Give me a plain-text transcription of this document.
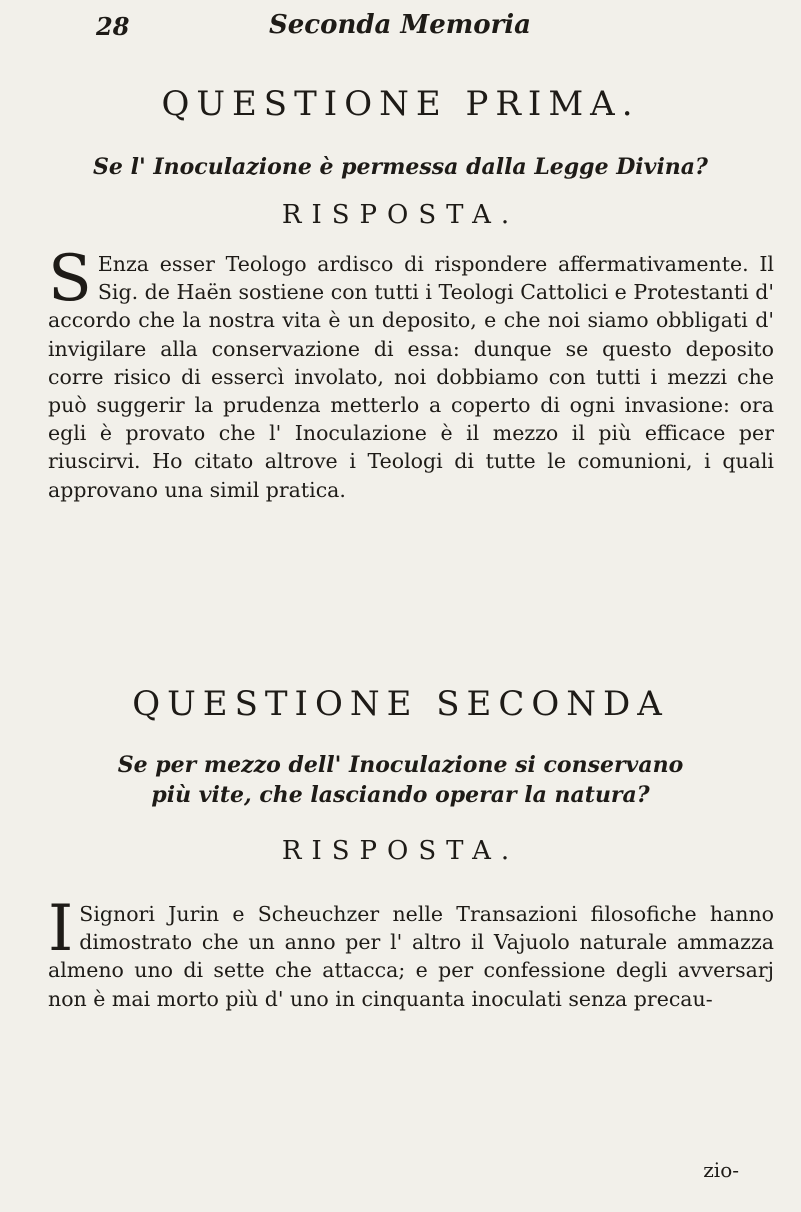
28	Seconda Memoria
QUESTIONE PRIMA.
Se l' Inoculazione è permessa dalla Legge Divina?
RISPOSTA.
S Enza esser Teologo ardisco di rispondere affermativamente. Il Sig. de Haën sostiene con tutti i Teologi Cattolici e Protestanti d' accordo che la nostra vita è un deposito, e che noi siamo obbligati d' invigilare alla conservazione di essa: dunque se questo deposito corre risico di essercì involato, noi dobbiamo con tutti i mezzi che può suggerir la prudenza metterlo a coperto di ogni invasione: ora egli è provato che l' Inoculazione è il mezzo il più efficace per riuscirvi. Ho citato altrove i Teologi di tutte le comunioni, i quali approvano una simil pratica.
QUESTIONE SECONDA
Se per mezzo dell' Inoculazione si conservano
più vite, che lasciando operar la natura?
RISPOSTA.
I Signori Jurin e Scheuchzer nelle Transazioni filosofiche hanno dimostrato che un anno per l' altro il Vajuolo naturale ammazza almeno uno di sette che attacca; e per confessione degli avversarj non è mai morto più d' uno in cinquanta inoculati senza precau-
zio-
